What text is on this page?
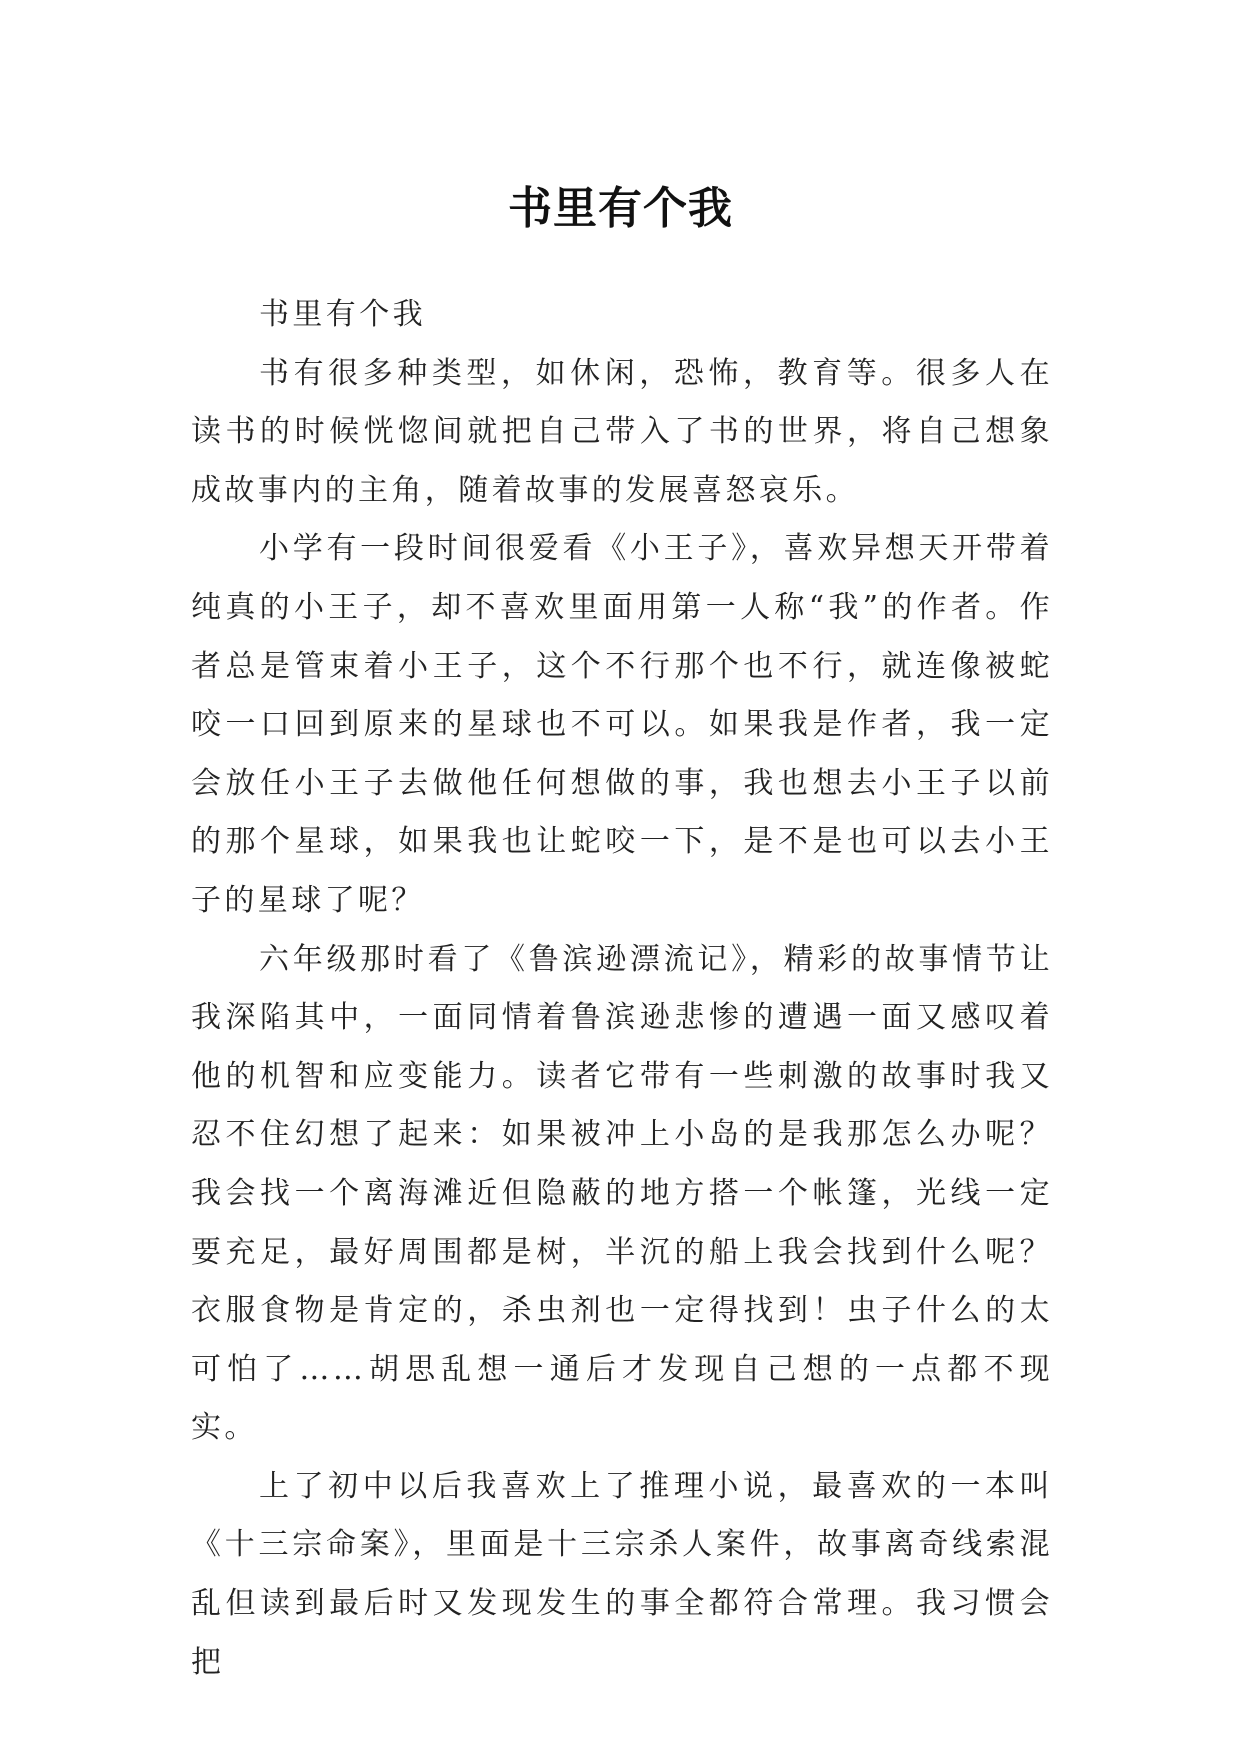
书里有个我

书里有个我

书有很多种类型，如休闲，恐怖，教育等。很多人在读书的时候恍惚间就把自己带入了书的世界，将自己想象成故事内的主角，随着故事的发展喜怒哀乐。

小学有一段时间很爱看《小王子》，喜欢异想天开带着纯真的小王子，却不喜欢里面用第一人称“我”的作者。作者总是管束着小王子，这个不行那个也不行，就连像被蛇咬一口回到原来的星球也不可以。如果我是作者，我一定会放任小王子去做他任何想做的事，我也想去小王子以前的那个星球，如果我也让蛇咬一下，是不是也可以去小王子的星球了呢？

六年级那时看了《鲁滨逊漂流记》，精彩的故事情节让我深陷其中，一面同情着鲁滨逊悲惨的遭遇一面又感叹着他的机智和应变能力。读者它带有一些刺激的故事时我又忍不住幻想了起来：如果被冲上小岛的是我那怎么办呢？我会找一个离海滩近但隐蔽的地方搭一个帐篷，光线一定要充足，最好周围都是树，半沉的船上我会找到什么呢？衣服食物是肯定的，杀虫剂也一定得找到！虫子什么的太可怕了……胡思乱想一通后才发现自己想的一点都不现实。

上了初中以后我喜欢上了推理小说，最喜欢的一本叫《十三宗命案》，里面是十三宗杀人案件，故事离奇线索混乱但读到最后时又发现发生的事全都符合常理。我习惯会把
